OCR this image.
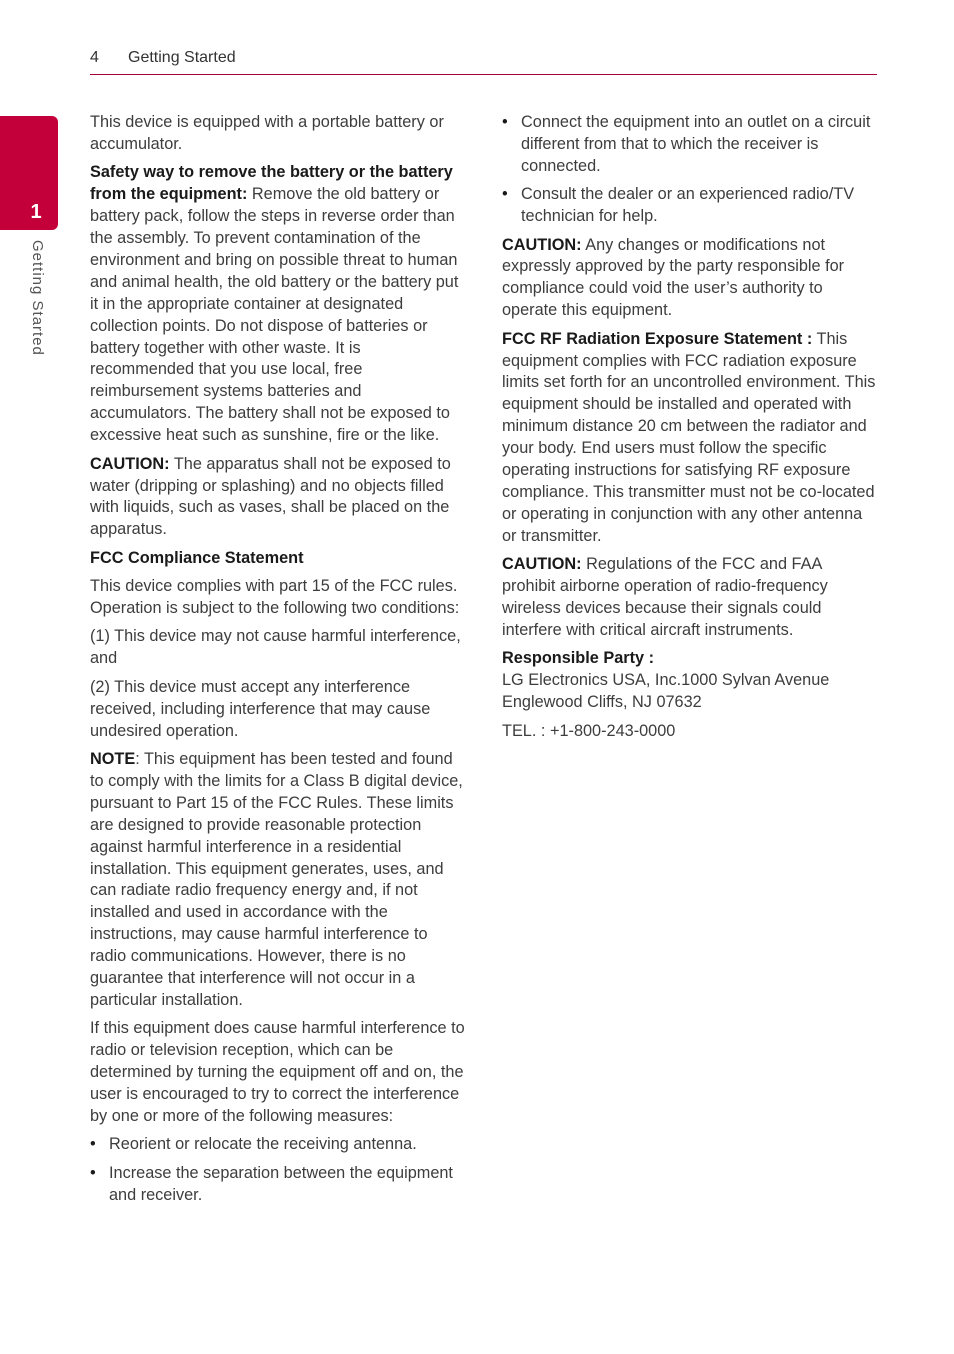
4 Getting Started
1
Getting Started

This device is equipped with a portable battery or accumulator.

Safety way to remove the battery or the battery from the equipment: Remove the old battery or battery pack, follow the steps in reverse order than the assembly. To prevent contamination of the environment and bring on possible threat to human and animal health, the old battery or the battery put it in the appropriate container at designated collection points. Do not dispose of batteries or battery together with other waste. It is recommended that you use local, free reimbursement systems batteries and accumulators. The battery shall not be exposed to excessive heat such as sunshine, fire or the like.

CAUTION: The apparatus shall not be exposed to water (dripping or splashing) and no objects filled with liquids, such as vases, shall be placed on the apparatus.

FCC Compliance Statement

This device complies with part 15 of the FCC rules. Operation is subject to the following two conditions:

(1) This device may not cause harmful interference, and

(2) This device must accept any interference received, including interference that may cause undesired operation.

NOTE: This equipment has been tested and found to comply with the limits for a Class B digital device, pursuant to Part 15 of the FCC Rules. These limits are designed to provide reasonable protection against harmful interference in a residential installation. This equipment generates, uses, and can radiate radio frequency energy and, if not installed and used in accordance with the instructions, may cause harmful interference to radio communications. However, there is no guarantee that interference will not occur in a particular installation.

If this equipment does cause harmful interference to radio or television reception, which can be determined by turning the equipment off and on, the user is encouraged to try to correct the interference by one or more of the following measures:

• Reorient or relocate the receiving antenna.
• Increase the separation between the equipment and receiver.
• Connect the equipment into an outlet on a circuit different from that to which the receiver is connected.
• Consult the dealer or an experienced radio/TV technician for help.

CAUTION: Any changes or modifications not expressly approved by the party responsible for compliance could void the user’s authority to operate this equipment.

FCC RF Radiation Exposure Statement : This equipment complies with FCC radiation exposure limits set forth for an uncontrolled environment. This equipment should be installed and operated with minimum distance 20 cm between the radiator and your body. End users must follow the specific operating instructions for satisfying RF exposure compliance. This transmitter must not be co-located or operating in conjunction with any other antenna or transmitter.

CAUTION: Regulations of the FCC and FAA prohibit airborne operation of radio-frequency wireless devices because their signals could interfere with critical aircraft instruments.

Responsible Party :
LG Electronics USA, Inc.1000 Sylvan Avenue
Englewood Cliffs, NJ 07632

TEL. : +1-800-243-0000
